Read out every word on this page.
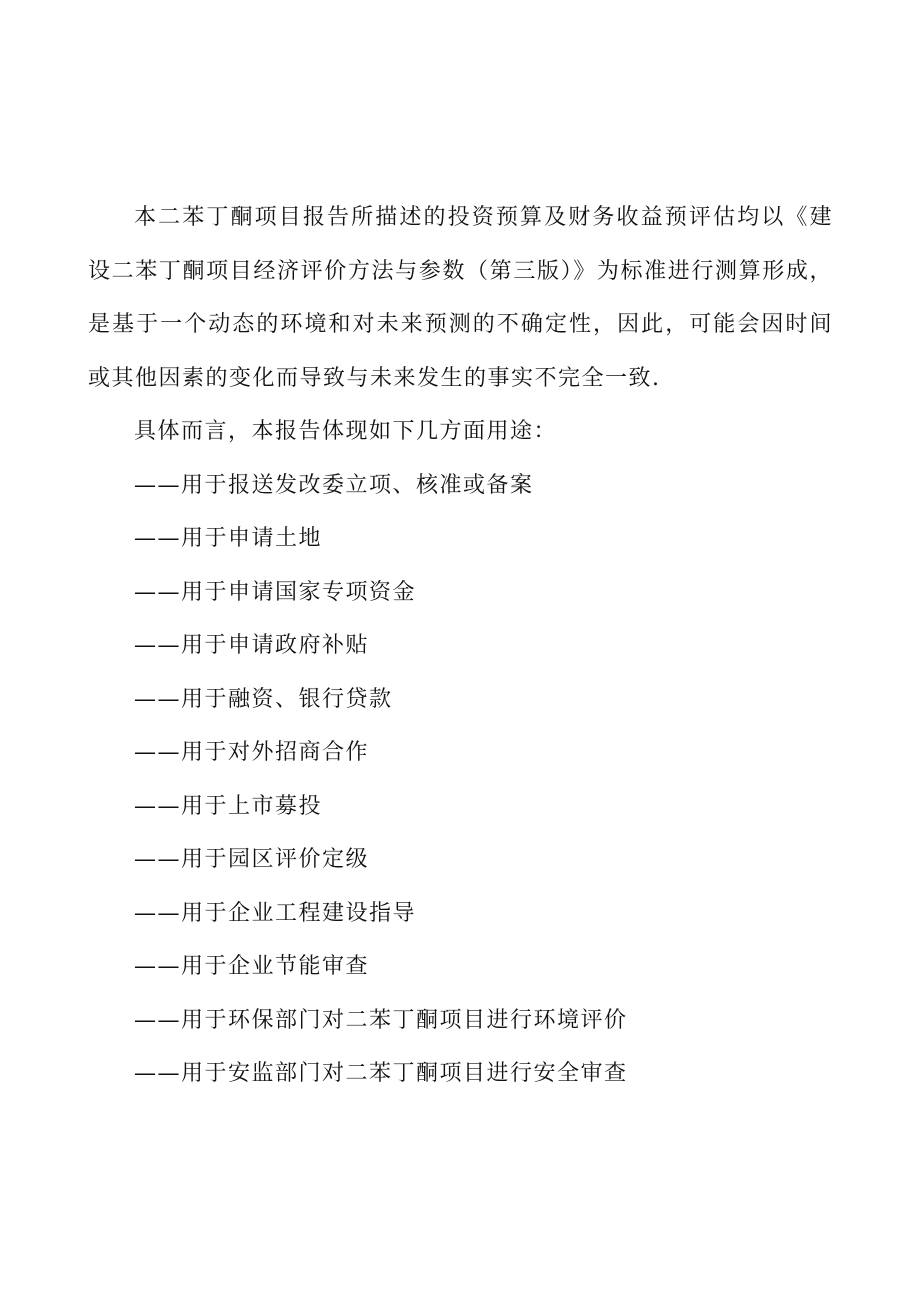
本二苯丁酮项目报告所描述的投资预算及财务收益预评估均以《建设二苯丁酮项目经济评价方法与参数（第三版）》为标准进行测算形成，是基于一个动态的环境和对未来预测的不确定性，因此，可能会因时间或其他因素的变化而导致与未来发生的事实不完全一致.

具体而言，本报告体现如下几方面用途：

——用于报送发改委立项、核准或备案
——用于申请土地
——用于申请国家专项资金
——用于申请政府补贴
——用于融资、银行贷款
——用于对外招商合作
——用于上市募投
——用于园区评价定级
——用于企业工程建设指导
——用于企业节能审查
——用于环保部门对二苯丁酮项目进行环境评价
——用于安监部门对二苯丁酮项目进行安全审查
